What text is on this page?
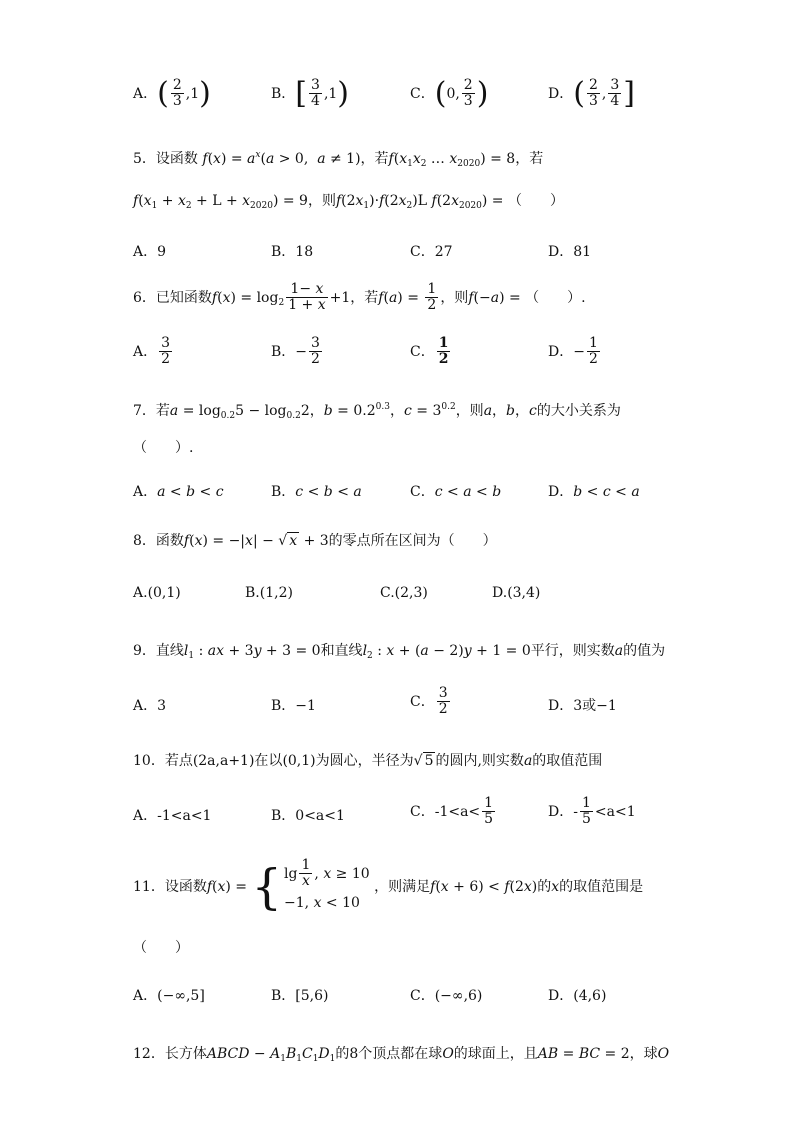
A．( $\frac{2}{3} ,1$)	B．[ $\frac{3}{4} ,1$)	C．(0, $\frac{2}{3}$ )	D．( $\frac{2}{3}$ , $\frac{3}{4}$ ]
5．设函数 $f(x) = a^x(a > 0$,  a ≠ 1)，若$f(x_1x_2$ … $x_{2020}) = 8$，若
$f(x_1 + x_2 + L + x_{2020}) = 9$，则$f(2x_1)\cdot f(2x_2)L$ $f(2x_{2020})$ = （　　）
A．9	B．18	C．27	D．81
6．已知函数$f(x) = \log_2 \frac{1- x}{1 + x} +1$，若$f(a) = \frac{1}{2}$ ，则f(−a) = （　　）.
A． $\frac{3}{2}$	B．− $\frac{3}{2}$	C． $\frac{1}{2}$	D．− $\frac{1}{2}$
7．若$a = \log_{0.2}5 - \log_{0.2}2$，$b = 0.2^{0.3}$，$c = 3^{0.2}$，则a，b，c的大小关系为
（　　）.
A．a < b < c	B．c < b < a	C．c < a < b	D．b < c < a
8．函数f(x) = −|x| − √ x + 3的零点所在区间为（　　）
A.(0,1)	B.(1,2)	C.(2,3)	D.(3,4)
9．直线$l_1$ : ax + 3y + 3 = 0和直线$l_2$ : x + (a − 2)y + 1 = 0平行，则实数a的值为
A．3	B．−1	C． $\frac{3}{2}$	D．3或−1
10．若点(2a,a+1)在以(0,1)为圆心，半径为√ 5 的圆内,则实数a的取值范围
A．-1<a<1	B．0<a<1	C．$-1<a< \frac{1}{5}$	D．- $\frac{1}{5} <a<1$
11．设函数f(x) = { $\lg \frac{1}{x}$ , x ≥ 10
−1, x < 10
，则满足f(x + 6) < f(2x)的x的取值范围是
（　　）
A．(−∞,5]	B．[5,6)	C．(−∞,6)	D．(4,6)
12．长方体ABCD − $A_1B_1C_1D_1$的8个顶点都在球O的球面上，且AB = BC = 2，球O
